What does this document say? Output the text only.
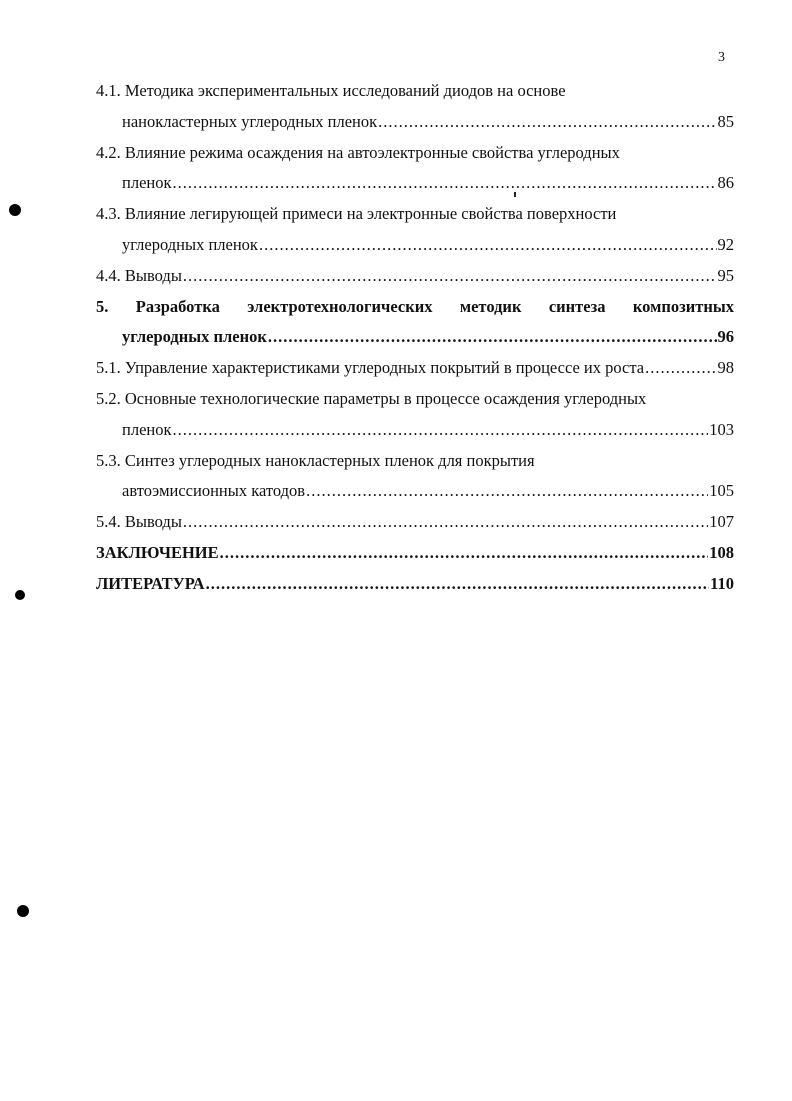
3
4.1. Методика экспериментальных исследований диодов на основе
нанокластерных углеродных пленок .....	85
4.2. Влияние режима осаждения на автоэлектронные свойства углеродных
пленок .....	86
4.3. Влияние легирующей примеси на электронные свойства поверхности
углеродных пленок .....	92
4.4. Выводы .....	95
5. Разработка электротехнологических методик синтеза композитных
углеродных пленок .....	96
5.1. Управление характеристиками углеродных покрытий в процессе их роста .....	98
5.2. Основные технологические параметры в процессе осаждения углеродных
пленок .....	103
5.3. Синтез углеродных нанокластерных пленок для покрытия
автоэмиссионных катодов .....	105
5.4. Выводы .....	107
ЗАКЛЮЧЕНИЕ .....	108
ЛИТЕРАТУРА .....	110
